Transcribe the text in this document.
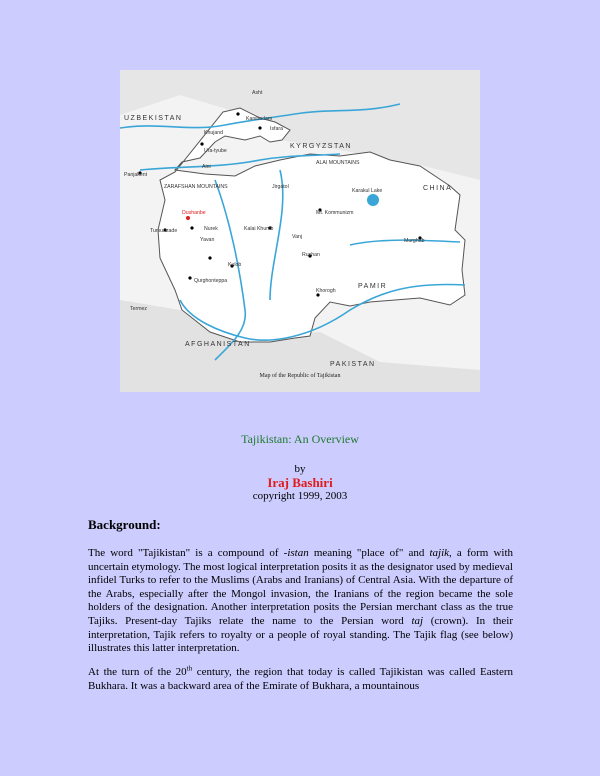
UZBEKISTAN
KYRGYZSTAN
CHINA
AFGHANISTAN
PAKISTAN
ALAI MOUNTAINS
ZARAFSHAN MOUNTAINS
PAMIR
Asht
Kanibadam
Isfara
Khujand
Ura-tyube
Aini
Panjakent
Jirgatol
Karakul Lake
Mt. Kommunizm
Dushanbe
Tursunzade	Nurek	Kalai Khumb
Yavan	Murghab
Vanj
Rushan
Kulob
Qurghonteppa
Khorogh
Termez
Map of the Republic of Tajikistan
Tajikistan: An Overview
by
Iraj Bashiri
copyright 1999, 2003
Background:

The word "Tajikistan" is a compound of -istan meaning "place of" and tajik, a form with uncertain etymology. The most logical interpretation posits it as the designator used by medieval infidel Turks to refer to the Muslims (Arabs and Iranians) of Central Asia. With the departure of the Arabs, especially after the Mongol invasion, the Iranians of the region became the sole holders of the designation. Another interpretation posits the Persian merchant class as the true Tajiks. Present-day Tajiks relate the name to the Persian word taj (crown). In their interpretation, Tajik refers to royalty or a people of royal standing. The Tajik flag (see below) illustrates this latter interpretation.

At the turn of the 20th century, the region that today is called Tajikistan was called Eastern Bukhara. It was a backward area of the Emirate of Bukhara, a mountainous
